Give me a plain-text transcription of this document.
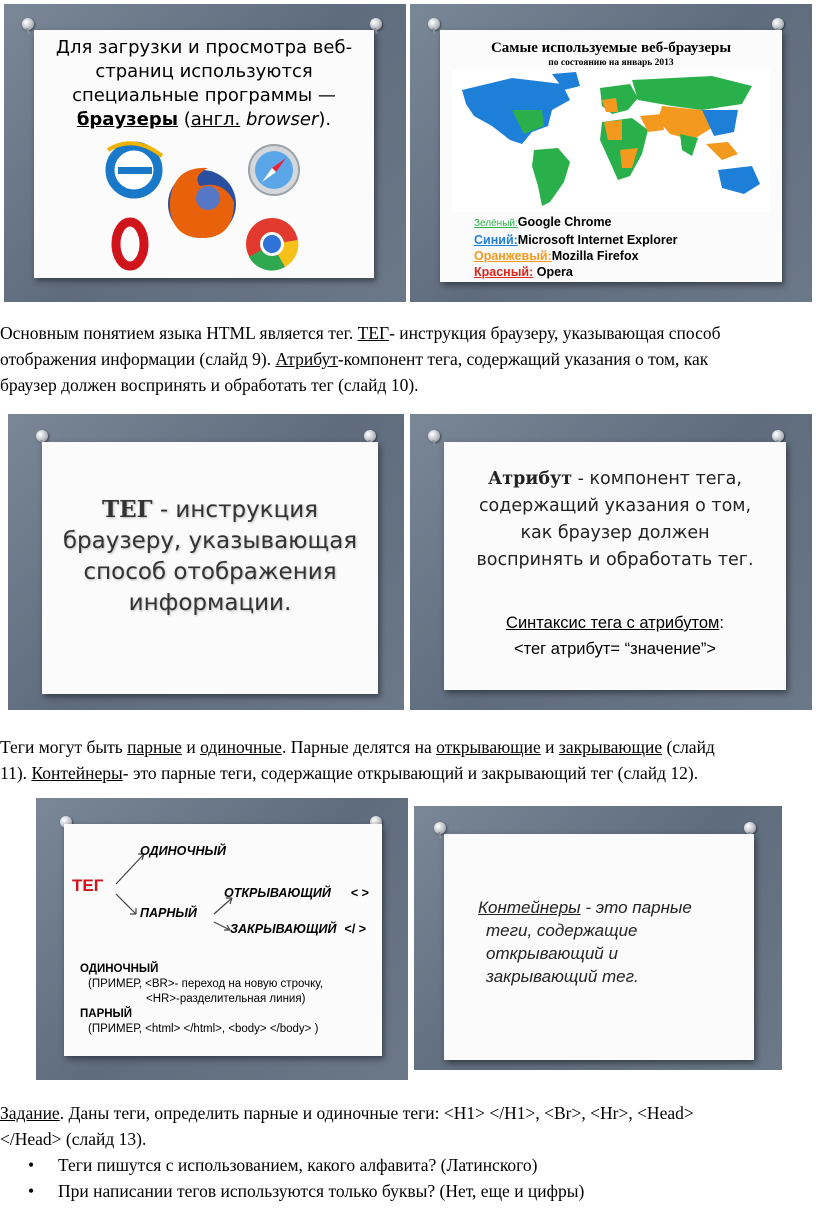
Для загрузки и просмотра веб-
страниц используются
специальные программы —
браузеры (англ. browser).
Самые используемые веб-браузеры
по состоянию на январь 2013
Зелёный:Google Chrome
Синий:Microsoft Internet Explorer
Оранжевый:Mozilla Firefox
Красный: Opera
Основным понятием языка HTML является тег. ТЕГ- инструкция браузеру, указывающая способ
отображения информации (слайд 9). Атрибут-компонент тега, содержащий указания о том, как
браузер должен воспринять и обработать тег (слайд 10).
ТЕГ - инструкция
браузеру, указывающая
способ отображения
информации.
Атрибут - компонент тега,
содержащий указания о том,
как браузер должен
воспринять и обработать тег.
Синтаксис тега с атрибутом:
<тег атрибут= “значение”>
Теги могут быть парные и одиночные. Парные делятся на открывающие и закрывающие (слайд
11). Контейнеры- это парные теги, содержащие открывающий и закрывающий тег (слайд 12).
ТЕГ
ОДИНОЧНЫЙ
ПАРНЫЙ
ОТКРЫВАЮЩИЙ < >
ЗАКРЫВАЮЩИЙ </ >
ОДИНОЧНЫЙ
(ПРИМЕР, <BR>- переход на новую строчку,
<HR>-разделительная линия)
ПАРНЫЙ
(ПРИМЕР, <html> </html>, <body> </body> )
Контейнеры - это парные
теги, содержащие
открывающий и
закрывающий тег.
Задание. Даны теги, определить парные и одиночные теги: <H1> </H1>, <Br>, <Hr>, <Head>
</Head> (слайд 13).
• Теги пишутся с использованием, какого алфавита? (Латинского)
• При написании тегов используются только буквы? (Нет, еще и цифры)
